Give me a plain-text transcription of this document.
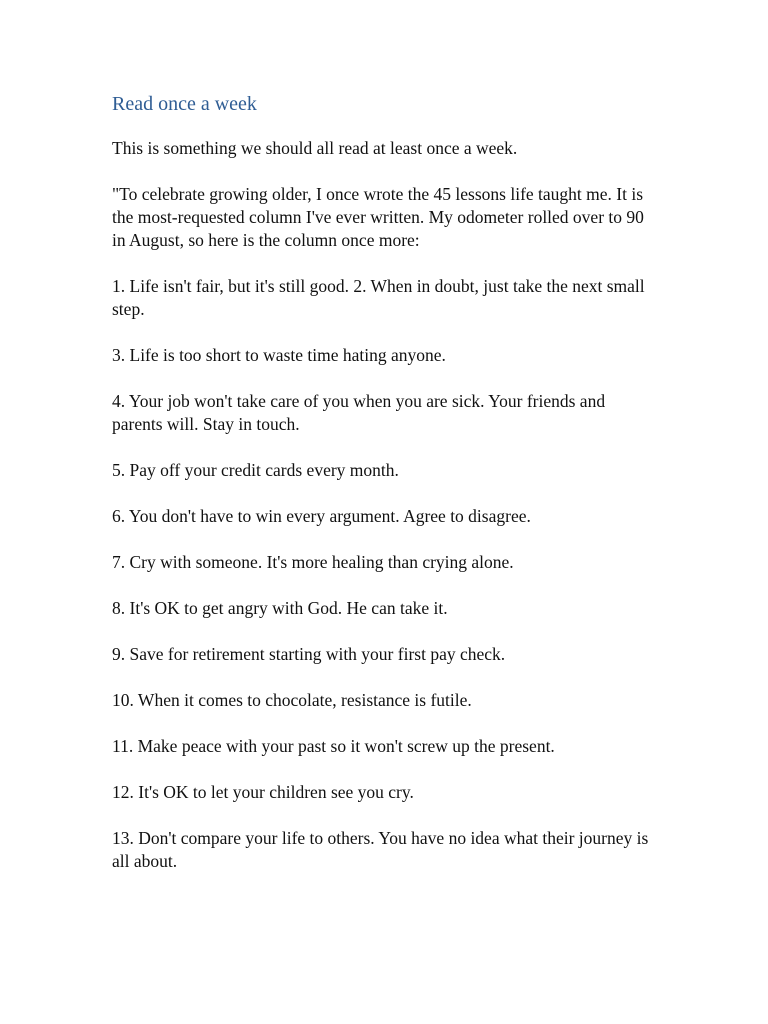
Read once a week

This is something we should all read at least once a week.

"To celebrate growing older, I once wrote the 45 lessons life taught me. It is the most-requested column I've ever written. My odometer rolled over to 90 in August, so here is the column once more:

1. Life isn't fair, but it's still good. 2. When in doubt, just take the next small step.

3. Life is too short to waste time hating anyone.

4. Your job won't take care of you when you are sick. Your friends and parents will. Stay in touch.

5. Pay off your credit cards every month.

6. You don't have to win every argument. Agree to disagree.

7. Cry with someone. It's more healing than crying alone.

8. It's OK to get angry with God. He can take it.

9. Save for retirement starting with your first pay check.

10. When it comes to chocolate, resistance is futile.

11. Make peace with your past so it won't screw up the present.

12. It's OK to let your children see you cry.

13. Don't compare your life to others. You have no idea what their journey is all about.
